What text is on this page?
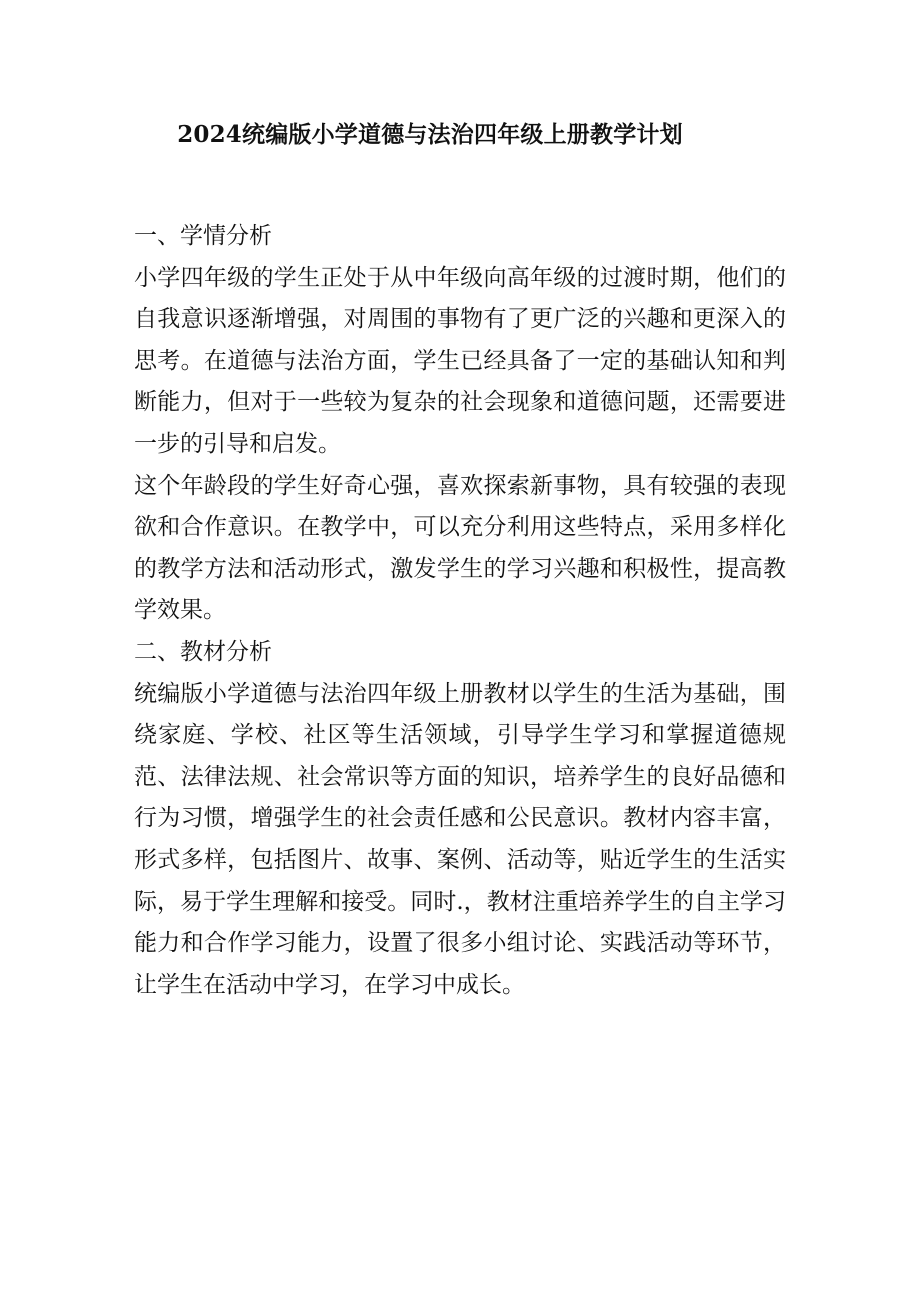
2024统编版小学道德与法治四年级上册教学计划

一、学情分析

小学四年级的学生正处于从中年级向高年级的过渡时期，他们的自我意识逐渐增强，对周围的事物有了更广泛的兴趣和更深入的思考。在道德与法治方面，学生已经具备了一定的基础认知和判断能力，但对于一些较为复杂的社会现象和道德问题，还需要进一步的引导和启发。

这个年龄段的学生好奇心强，喜欢探索新事物，具有较强的表现欲和合作意识。在教学中，可以充分利用这些特点，采用多样化的教学方法和活动形式，激发学生的学习兴趣和积极性，提高教学效果。

二、教材分析

统编版小学道德与法治四年级上册教材以学生的生活为基础，围绕家庭、学校、社区等生活领域，引导学生学习和掌握道德规范、法律法规、社会常识等方面的知识，培养学生的良好品德和行为习惯，增强学生的社会责任感和公民意识。教材内容丰富，形式多样，包括图片、故事、案例、活动等，贴近学生的生活实际，易于学生理解和接受。同时.，教材注重培养学生的自主学习能力和合作学习能力，设置了很多小组讨论、实践活动等环节，让学生在活动中学习，在学习中成长。
